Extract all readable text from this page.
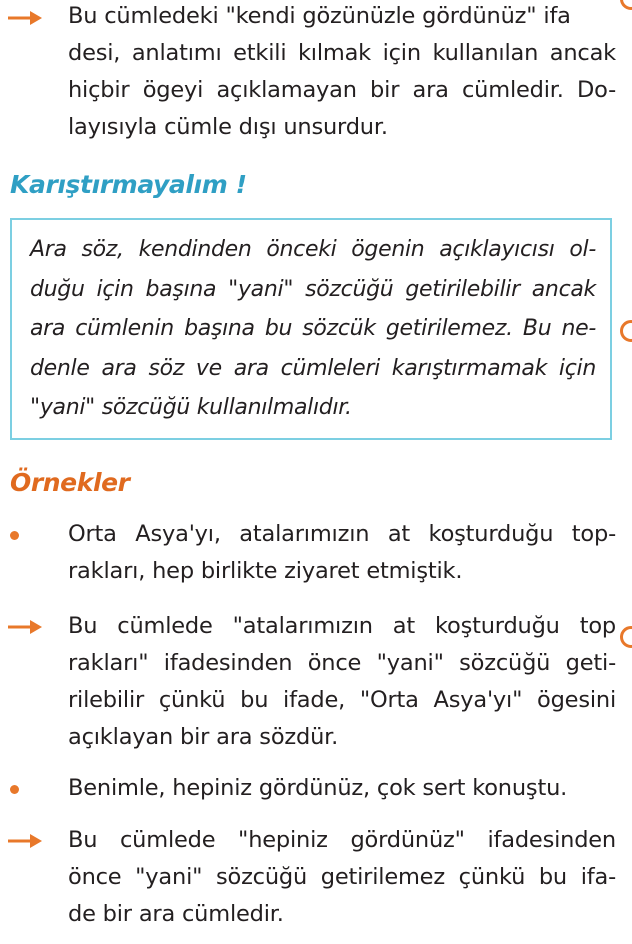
Bu cümledeki "kendi gözünüzle gördünüz" ifa
desi, anlatımı etkili kılmak için kullanılan ancak
hiçbir ögeyi açıklamayan bir ara cümledir. Do-
layısıyla cümle dışı unsurdur.
Karıştırmayalım !
Ara söz, kendinden önceki ögenin açıklayıcısı ol-
duğu için başına "yani" sözcüğü getirilebilir ancak
ara cümlenin başına bu sözcük getirilemez. Bu ne-
denle ara söz ve ara cümleleri karıştırmamak için
"yani" sözcüğü kullanılmalıdır.
Örnekler
Orta Asya'yı, atalarımızın at koşturduğu top-
rakları, hep birlikte ziyaret etmiştik.
Bu cümlede "atalarımızın at koşturduğu top
rakları" ifadesinden önce "yani" sözcüğü geti-
rilebilir çünkü bu ifade, "Orta Asya'yı" ögesini
açıklayan bir ara sözdür.
Benimle, hepiniz gördünüz, çok sert konuştu.
Bu cümlede "hepiniz gördünüz" ifadesinden
önce "yani" sözcüğü getirilemez çünkü bu ifa-
de bir ara cümledir.
